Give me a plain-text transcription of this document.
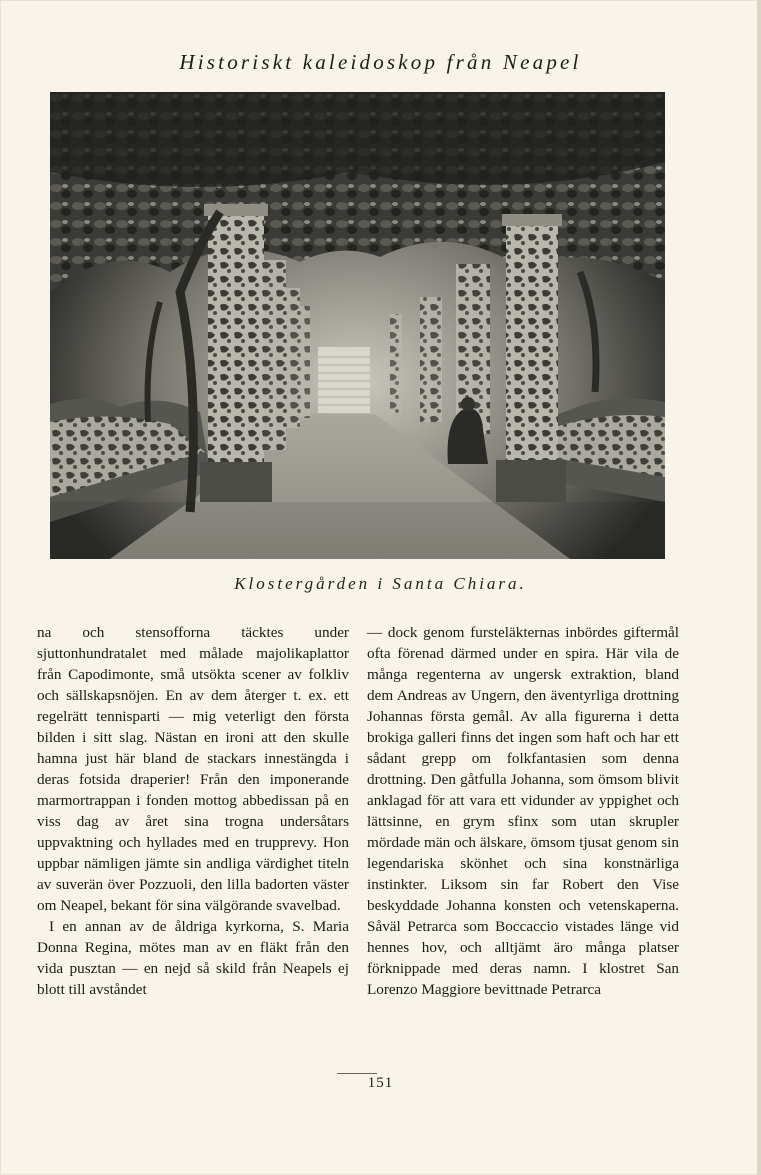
Historiskt kaleidoskop från Neapel
Klostergården i Santa Chiara.

na och stensofforna täcktes under sjuttonhundratalet med målade majolikaplattor från Capodimonte, små utsökta scener av folkliv och sällskapsnöjen. En av dem återger t. ex. ett regelrätt tennisparti — mig veterligt den första bilden i sitt slag. Nästan en ironi att den skulle hamna just här bland de stackars innestängda i deras fotsida draperier! Från den imponerande marmortrappan i fonden mottog abbedissan på en viss dag av året sina trogna undersåtars uppvaktning och hyllades med en trupprevy. Hon uppbar nämligen jämte sin andliga värdighet titeln av suverän över Pozzuoli, den lilla badorten väster om Neapel, bekant för sina välgörande svavelbad.

I en annan av de åldriga kyrkorna, S. Maria Donna Regina, mötes man av en fläkt från den vida pusztan — en nejd så skild från Neapels ej blott till avståndet

— dock genom fursteläkternas inbördes giftermål ofta förenad därmed under en spira. Här vila de många regenterna av ungersk extraktion, bland dem Andreas av Ungern, den äventyrliga drottning Johannas första gemål. Av alla figurerna i detta brokiga galleri finns det ingen som haft och har ett sådant grepp om folkfantasien som denna drottning. Den gåtfulla Johanna, som ömsom blivit anklagad för att vara ett vidunder av yppighet och lättsinne, en grym sfinx som utan skrupler mördade män och älskare, ömsom tjusat genom sin legendariska skönhet och sina konstnärliga instinkter. Liksom sin far Robert den Vise beskyddade Johanna konsten och vetenskaperna. Såväl Petrarca som Boccaccio vistades länge vid hennes hov, och alltjämt äro många platser förknippade med deras namn. I klostret San Lorenzo Maggiore bevittnade Petrarca

151
